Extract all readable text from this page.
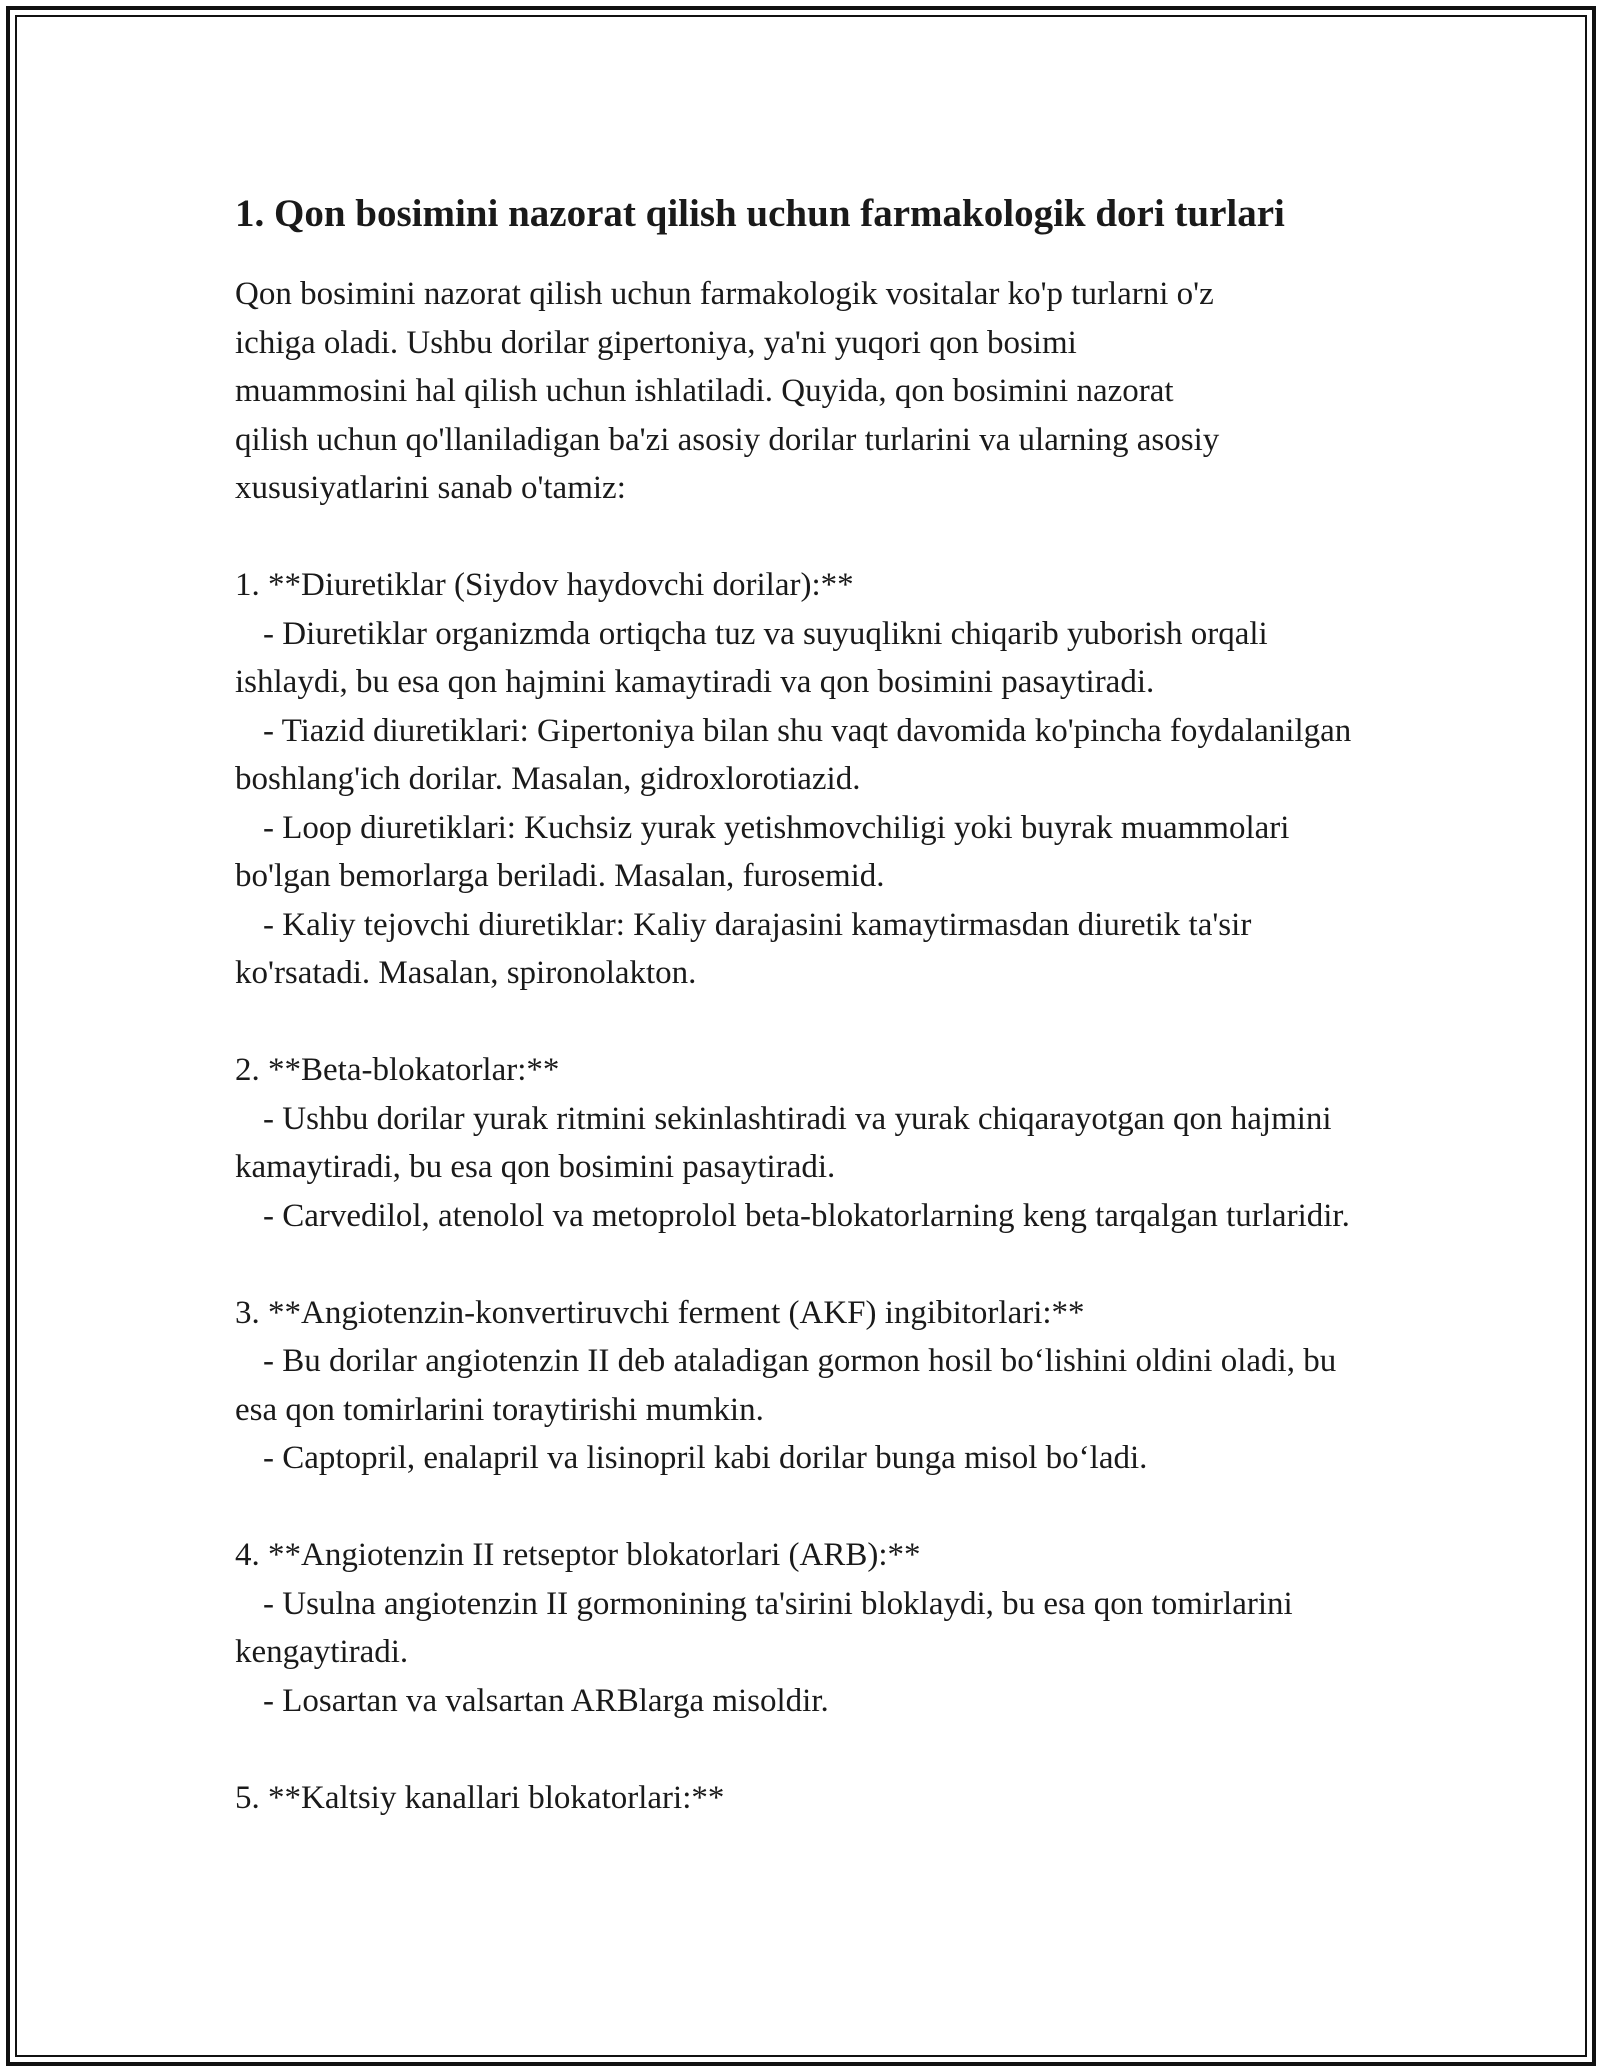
1. Qon bosimini nazorat qilish uchun farmakologik dori turlari

Qon bosimini nazorat qilish uchun farmakologik vositalar ko'p turlarni o'z
ichiga oladi. Ushbu dorilar gipertoniya, ya'ni yuqori qon bosimi
muammosini hal qilish uchun ishlatiladi. Quyida, qon bosimini nazorat
qilish uchun qo'llaniladigan ba'zi asosiy dorilar turlarini va ularning asosiy
xususiyatlarini sanab o'tamiz:

1. **Diuretiklar (Siydov haydovchi dorilar):**

- Diuretiklar organizmda ortiqcha tuz va suyuqlikni chiqarib yuborish orqali ishlaydi, bu esa qon hajmini kamaytiradi va qon bosimini pasaytiradi.

- Tiazid diuretiklari: Gipertoniya bilan shu vaqt davomida ko'pincha foydalanilgan boshlang'ich dorilar. Masalan, gidroxlorotiazid.

- Loop diuretiklari: Kuchsiz yurak yetishmovchiligi yoki buyrak muammolari bo'lgan bemorlarga beriladi. Masalan, furosemid.

- Kaliy tejovchi diuretiklar: Kaliy darajasini kamaytirmasdan diuretik ta'sir ko'rsatadi. Masalan, spironolakton.

2. **Beta-blokatorlar:**

- Ushbu dorilar yurak ritmini sekinlashtiradi va yurak chiqarayotgan qon hajmini kamaytiradi, bu esa qon bosimini pasaytiradi.

- Carvedilol, atenolol va metoprolol beta-blokatorlarning keng tarqalgan turlaridir.

3. **Angiotenzin-konvertiruvchi ferment (AKF) ingibitorlari:**

- Bu dorilar angiotenzin II deb ataladigan gormon hosil bo‘lishini oldini oladi, bu esa qon tomirlarini toraytirishi mumkin.

- Captopril, enalapril va lisinopril kabi dorilar bunga misol bo‘ladi.

4. **Angiotenzin II retseptor blokatorlari (ARB):**

- Usulna angiotenzin II gormonining ta'sirini bloklaydi, bu esa qon tomirlarini kengaytiradi.

- Losartan va valsartan ARBlarga misoldir.

5. **Kaltsiy kanallari blokatorlari:**
